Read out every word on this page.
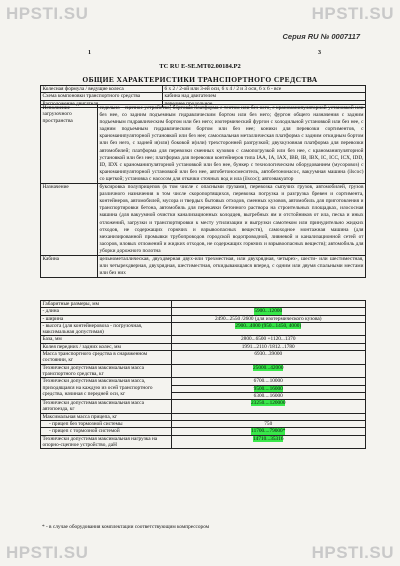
HPSTI.SU	HPSTI.SU
HPSTI.SU	HPSTI.SU
Серия RU № 0007117
1	3
TC RU E-SE.MT02.00184.P2
ОБЩИЕ ХАРАКТЕРИСТИКИ ТРАНСПОРТНОГО СРЕДСТВА
Колесная формула / ведущие колеса	6 х 2 / 2-ой или 3-ей оси, 6 х 4 / 2 и 3 оси, 6 х 6 - все
Схема компоновки транспортного средства	кабина над двигателем
Расположение двигателя	переднее продольное
Исполнение загрузочного пространства	седельно - сцепное устройство; бортовая платформа с тентом или без него, с краноманипуляторной установкой или без нее, со задним подъемным гидравлическим бортом или без него; фургон общего назначения с задним подъемным гидравлическим бортом или без него; изотермический фургон с холодильной установкой или без нее, с задним подъемным гидравлическим бортом или без нее; коники для перевозки сортиментов, с краноманипуляторной установкой или без нее; самосвальная металлическая платформа с задним откидным бортом или без него, с задней и(или) боковой и(или) трехсторонней разгрузкой; двухкузовная платформа для перевозки автомобилей; платформа для перевозки сменных кузовов с самопогрузкой или без нее, с краноманипуляторной установкой или без нее; платформа для перевозки контейнеров типа IAA, IA, IAX, IBB, IB, IBX, IC, ICC, ICX, IDD, ID, IDX с краноманипуляторной установкой или без нее, бункер с технологическим оборудованием (мусоровоз) с краноманипуляторной установкой или без нее, автобетоносмеситель, автобетононасос, вакуумная машина (ilsсос) со щеткой; установка с насосом для откачки сточных вод и ила (ilsсос); автоэвакуатор
Назначение	буксировка полуприцепов (в том числе с опасными грузами), перевозка сыпучих грузов, автомобилей, грузов различного назначения в том числе скоропортящихся, перевозка погрузка и разгрузка бревен и сортимента, контейнеров, автомобилей, мусора и твердых бытовых отходов, сменных кузовов, автомобиль для приготовления и транспортировки бетона, автомобиль для перекачки бетонного раствора на строительных площадках, илососная машина (для вакуумной очистки канализационных колодцев, выгребных ям и отстойников от ила, песка и иных отложений, загрузки и транспортировки к месту утилизации и выгрузки самотеком или принудительно жидких отходов, не содержащих горючих и взрывоопасных веществ), самоходное монтажная машина (для механизированной промывки трубопроводов городской водопроводной, ливневой и канализационной сетей от засоров, иловых отложений и жидких отходов, не содержащих горючих и взрывоопасных веществ); автомобиль для уборки дорожного полотна
Кабина	цельнометаллическая, двухдверная двух-или трехместная, или двухрядная, четырех-, шести- или шестиместная, или четырехдверная, двухрядная, шестиместная, откидывающаяся вперед, с одним или двумя спальными местами или без них
Габаритные размеры, мм	
- длина	5900...12000
- ширина	2490...2550 /2600 (для изотермического кузова)
- высота (для контейнеровоза - погрузочная, максимальная допустимая)	2900...4000 (950...1450, 4000)
База, мм	2800...6500 +1120...1370
Колея передних / задних колес, мм	1991...2110 /1812...1780
Масса транспортного средства в снаряженном состоянии, кг	6930...39000
Технически допустимая максимальная масса транспортного средства, кг	25000...42000
Технически допустимая максимальная масса, приходящаяся на каждую из осей транспортного средства, начиная с передней оси, кг	6700....10000
	9500....16000
	6300....16000
Технически допустимая максимальная масса автопоезда, кг	23250....120000
Максимальная масса прицепа, кг	
- прицеп без тормозной системы	750
- прицеп с тормозной системой	11700....79000*
Технически допустимая максимальная нагрузка на опорно-сцепное устройство, даН	14710...35316
* - в случае оборудования комплектации соответствующим компрессором
